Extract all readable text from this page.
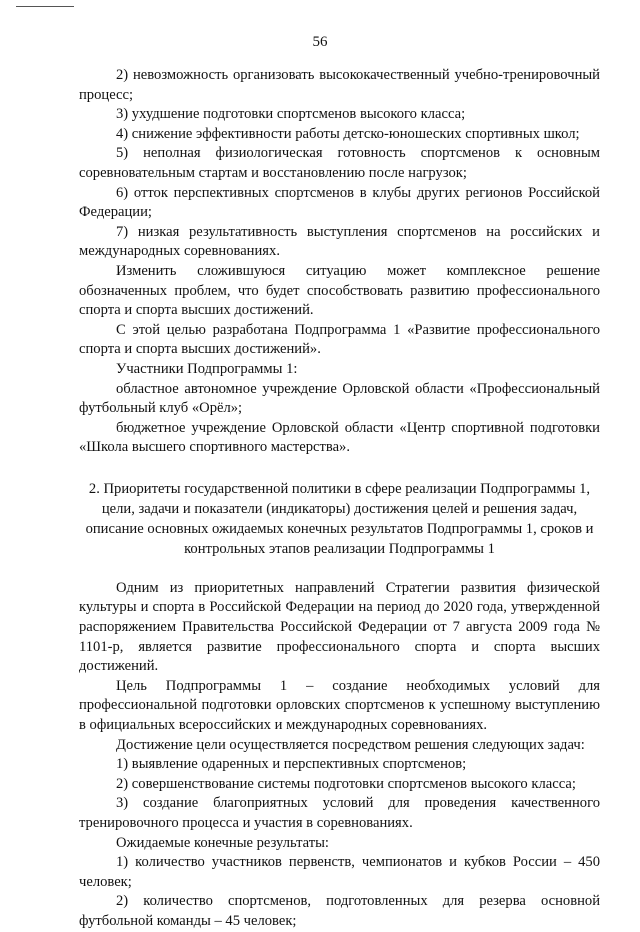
56

2) невозможность организовать высококачественный учебно-тренировочный процесс;

3) ухудшение подготовки спортсменов высокого класса;

4) снижение эффективности работы детско-юношеских спортивных школ;

5) неполная физиологическая готовность спортсменов к основным соревновательным стартам и восстановлению после нагрузок;

6) отток перспективных спортсменов в клубы других регионов Российской Федерации;

7) низкая результативность выступления спортсменов на российских и международных соревнованиях.

Изменить сложившуюся ситуацию может комплексное решение обозначенных проблем, что будет способствовать развитию профессионального спорта и спорта высших достижений.

С этой целью разработана Подпрограмма 1 «Развитие профессионального спорта и спорта высших достижений».

Участники Подпрограммы 1:

областное автономное учреждение Орловской области «Профессиональный футбольный клуб «Орёл»;

бюджетное учреждение Орловской области «Центр спортивной подготовки «Школа высшего спортивного мастерства».

2. Приоритеты государственной политики в сфере реализации Подпрограммы 1, цели, задачи и показатели (индикаторы) достижения целей и решения задач, описание основных ожидаемых конечных результатов Подпрограммы 1, сроков и контрольных этапов реализации Подпрограммы 1

Одним из приоритетных направлений Стратегии развития физической культуры и спорта в Российской Федерации на период до 2020 года, утвержденной распоряжением Правительства Российской Федерации от 7 августа 2009 года № 1101-р, является развитие профессионального спорта и спорта высших достижений.

Цель Подпрограммы 1 – создание необходимых условий для профессиональной подготовки орловских спортсменов к успешному выступлению в официальных всероссийских и международных соревнованиях.

Достижение цели осуществляется посредством решения следующих задач:

1) выявление одаренных и перспективных спортсменов;

2) совершенствование системы подготовки спортсменов высокого класса;

3) создание благоприятных условий для проведения качественного тренировочного процесса и участия в соревнованиях.

Ожидаемые конечные результаты:

1) количество участников первенств, чемпионатов и кубков России – 450 человек;

2) количество спортсменов, подготовленных для резерва основной футбольной команды – 45 человек;
